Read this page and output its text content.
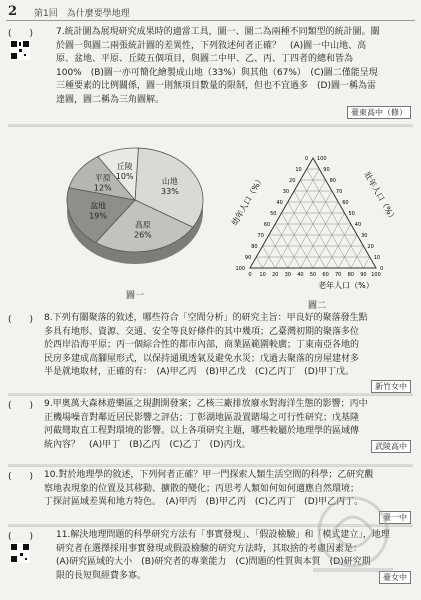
2 第1回　為什麼要學地理
(　　)	7.統計圖為展現研究成果時的適當工具，圖一、圖二為兩種不同類型的統計圖。關
於圖一與圖二兩張統計圖的差異性，下列敘述何者正確？　(A)圖一中山地、高
原、盆地、平原、丘陵五個項目，與圖二中甲、乙、丙、丁四者的總和皆為
100%　(B)圖一亦可簡化繪製成山地（33%）與其他（67%）　(C)圖二僅能呈現
三種要素的比例關係，圖一則無項目數量的限制，但也不宜過多　(D)圖一稱為雷
達圖，圖二稱為三角圖解。
臺東高中（修）
山地
33%
高原
26%
盆地
19%
平原
12%
丘陵
10%
圖一
0
100
100
10
90
90
20
80
80
30
70
70
40
60
60
50
50	50
60
40
40
70
30
30
80
20
20
90
10
10
100
0
0
幼年人口（%）	壯年人口（%）
老年人口（%）
圖二
(　　) 8.下列有關聚落的敘述，哪些符合「空間分析」的研究主旨：甲良好的聚落發生點
多具有地形、資源、交通、安全等良好條件的其中幾項；乙臺灣初期的聚落多位
於西岸沿海平原；丙一個綜合性的都市內部，商業區範圍較廣；丁東南亞各地的
民房多建成高腳屋形式，以保持通風透氣及避免水災；戊過去聚落的房屋建材多
半是就地取材，正確的有：　(A)甲乙丙　(B)甲乙戊　(C)乙丙丁　(D)甲丁戊。
新竹女中
(　　) 9.甲奧萬大森林遊樂區之規劃開發案；乙核三廠排放廢水對海洋生態的影響；丙中
正機場噪音對鄰近居民影響之評估；丁彰湖地區設置賭場之可行性研究；戊基隆
河截彎取直工程對環境的影響。以上各項研究主題，哪些較屬於地理學的區域傳
統內容？　(A)甲丁　(B)乙丙　(C)乙丁　(D)丙戊。	武陵高中
(　　) 10.對於地理學的敘述，下列何者正確？甲一門探索人類生活空間的科學；乙研究觀
察地表現象的位置及其移動、擴散的變化；丙思考人類如何如何適應自然環境；
丁探討區域差異和地方特色。　(A)甲丙　(B)甲乙丙　(C)乙丙丁　(D)甲乙丙丁。
臺一中
(　　)	11.解決地理問題的科學研究方法有「事實發現」、「假設檢驗」和「模式建立」，地理
研究者在選擇採用事實發現或假設檢驗的研究方法時，其取捨的考慮因素是：
(A)研究區域的大小　(B)研究者的專業能力　(C)問題的性質與本質　(D)研究期
限的長短與經費多寡。	臺女中
